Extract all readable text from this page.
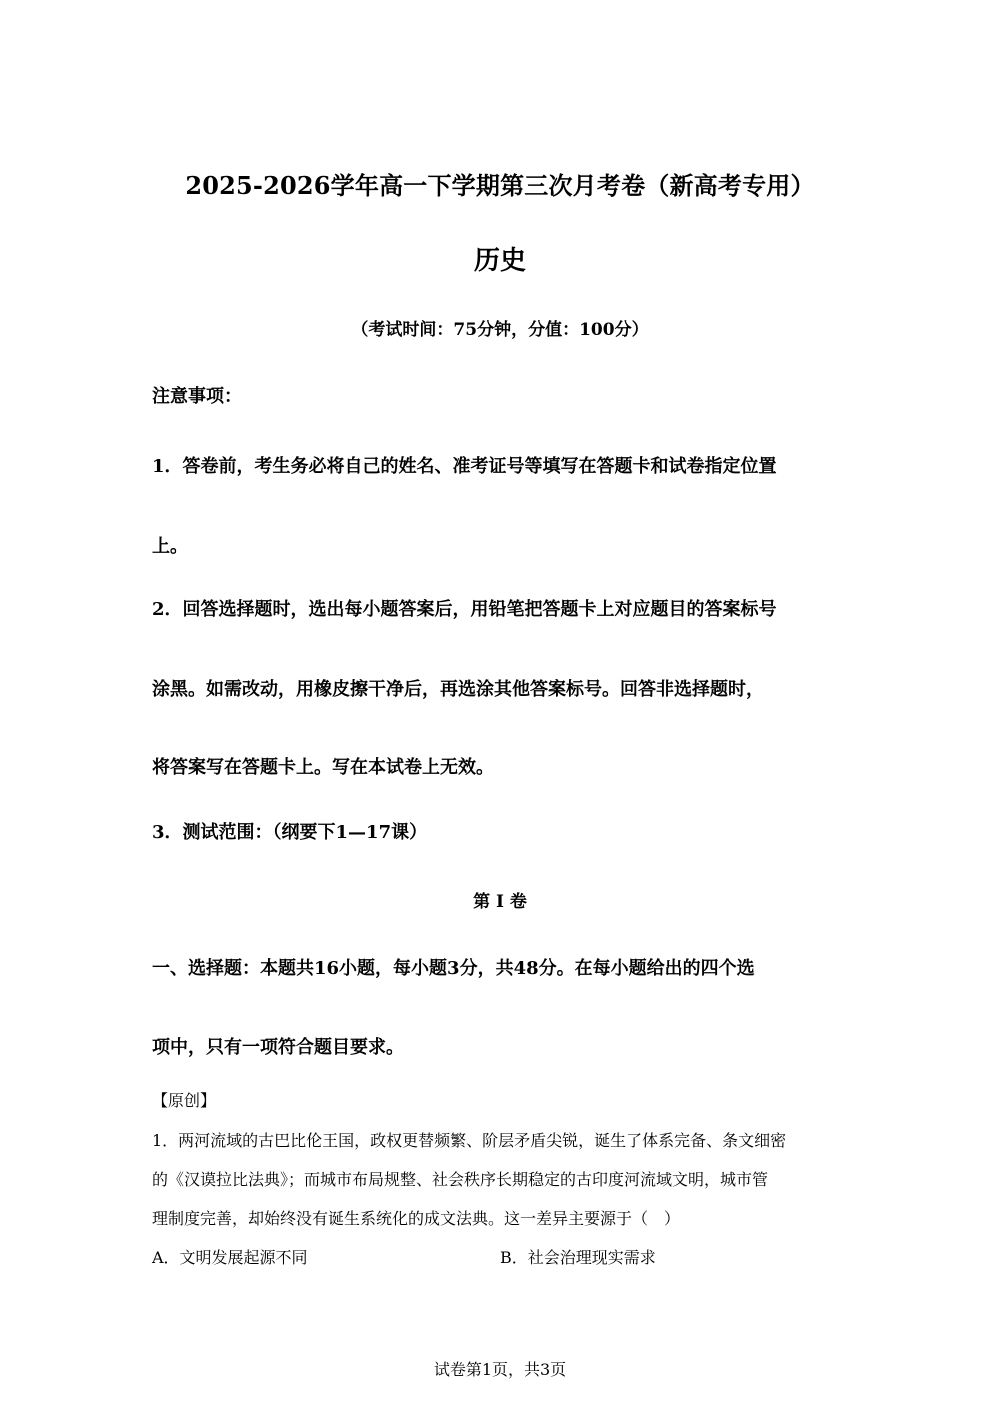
2025-2026学年高一下学期第三次月考卷（新高考专用）
历史
（考试时间：75分钟，分值：100分）
注意事项：
1．答卷前，考生务必将自己的姓名、准考证号等填写在答题卡和试卷指定位置
上。
2．回答选择题时，选出每小题答案后，用铅笔把答题卡上对应题目的答案标号
涂黑。如需改动，用橡皮擦干净后，再选涂其他答案标号。回答非选择题时，
将答案写在答题卡上。写在本试卷上无效。
3．测试范围：（纲要下1—17课）
第 I 卷
一、选择题：本题共16小题，每小题3分，共48分。在每小题给出的四个选
项中，只有一项符合题目要求。
【原创】
1．两河流域的古巴比伦王国，政权更替频繁、阶层矛盾尖锐，诞生了体系完备、条文细密
的《汉谟拉比法典》；而城市布局规整、社会秩序长期稳定的古印度河流域文明，城市管
理制度完善，却始终没有诞生系统化的成文法典。这一差异主要源于（　）
A．文明发展起源不同	B．社会治理现实需求
试卷第1页，共3页
